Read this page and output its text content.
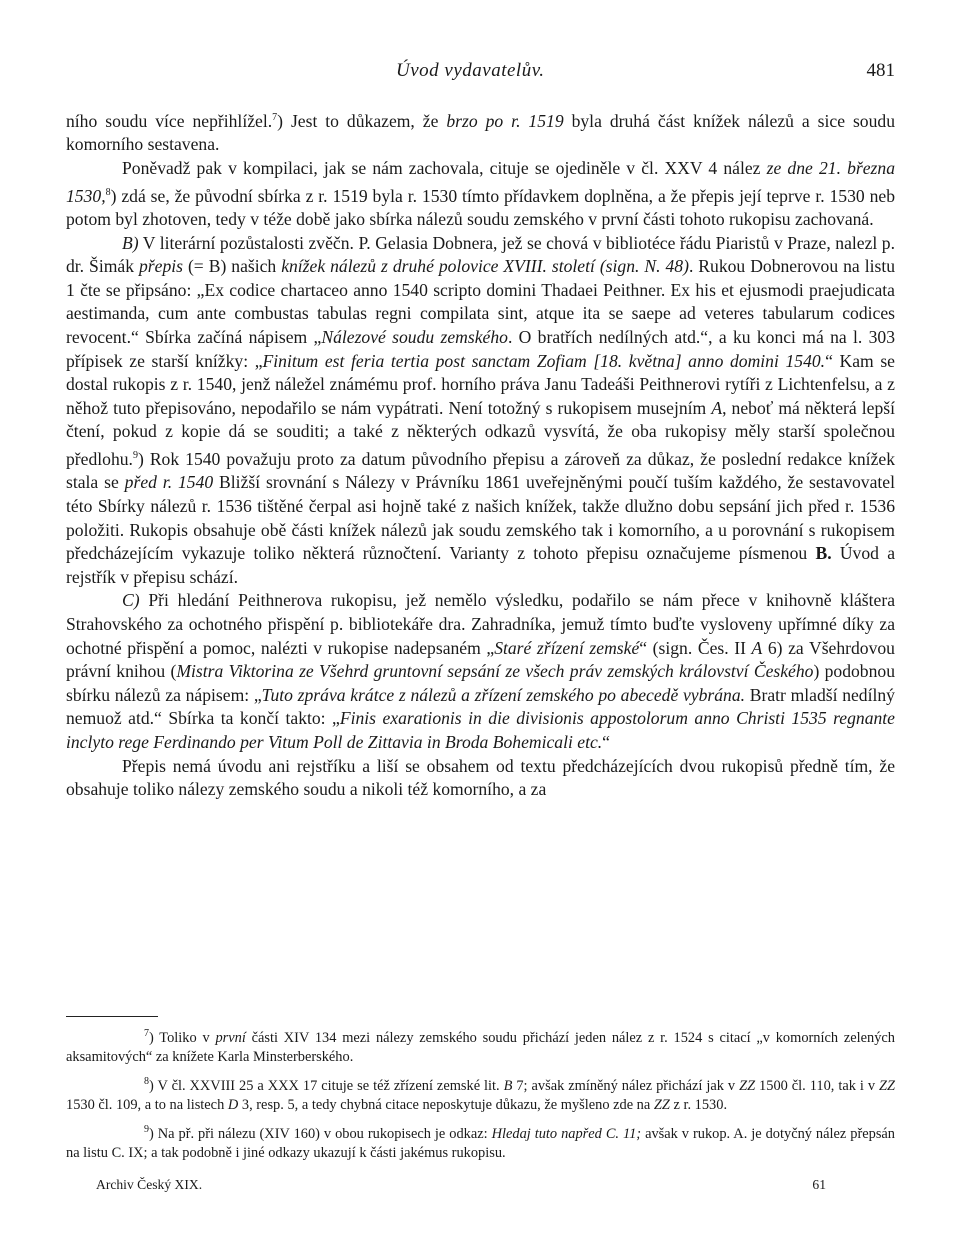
Úvod vydavatelův.	481

ního soudu více nepřihlížel.$^7$) Jest to důkazem, že brzo po r. 1519 byla druhá část knížek nálezů a sice soudu komorního sestavena.

Poněvadž pak v kompilaci, jak se nám zachovala, cituje se ojediněle v čl. XXV 4 nález ze dne 21. března 1530,$^8$) zdá se, že původní sbírka z r. 1519 byla r. 1530 tímto přídavkem doplněna, a že přepis její teprve r. 1530 neb potom byl zhotoven, tedy v téže době jako sbírka nálezů soudu zemského v první části tohoto rukopisu zachovaná.

B) V literární pozůstalosti zvěčn. P. Gelasia Dobnera, jež se chová v bibliotéce řádu Piaristů v Praze, nalezl p. dr. Šimák přepis (= B) našich knížek nálezů z druhé polovice XVIII. století (sign. N. 48). Rukou Dobnerovou na listu 1 čte se připsáno: „Ex codice chartaceo anno 1540 scripto domini Thadaei Peithner. Ex his et ejusmodi praejudicata aestimanda, cum ante combustas tabulas regni compilata sint, atque ita se saepe ad veteres tabularum codices revocent.“ Sbírka začíná nápisem „Nálezové soudu zemského. O bratřích nedílných atd.“, a ku konci má na l. 303 přípisek ze starší knížky: „Finitum est feria tertia post sanctam Zofiam [18. května] anno domini 1540.“ Kam se dostal rukopis z r. 1540, jenž náležel známému prof. horního práva Janu Tadeáši Peithnerovi rytíři z Lichtenfelsu, a z něhož tuto přepisováno, nepodařilo se nám vypátrati. Není totožný s rukopisem musejním A, neboť má některá lepší čtení, pokud z kopie dá se souditi; a také z některých odkazů vysvítá, že oba rukopisy měly starší společnou předlohu.$^9$) Rok 1540 považuju proto za datum původního přepisu a zároveň za důkaz, že poslední redakce knížek stala se před r. 1540 Bližší srovnání s Nálezy v Právníku 1861 uveřejněnými poučí tuším každého, že sestavovatel této Sbírky nálezů r. 1536 tištěné čerpal asi hojně také z našich knížek, takže dlužno dobu sepsání jich před r. 1536 položiti. Rukopis obsahuje obě části knížek nálezů jak soudu zemského tak i komorního, a u porovnání s rukopisem předcházejícím vykazuje toliko některá různočtení. Varianty z tohoto přepisu označujeme písmenou B. Úvod a rejstřík v přepisu schází.

C) Při hledání Peithnerova rukopisu, jež nemělo výsledku, podařilo se nám přece v knihovně kláštera Strahovského za ochotného přispění p. bibliotekáře dra. Zahradníka, jemuž tímto buďte vysloveny upřímné díky za ochotné přispění a pomoc, nalézti v rukopise nadepsaném „Staré zřízení zemské“ (sign. Čes. II A 6) za Všehrdovou právní knihou (Mistra Viktorina ze Všehrd gruntovní sepsání ze všech práv zemských království Českého) podobnou sbírku nálezů za nápisem: „Tuto zpráva krátce z nálezů a zřízení zemského po abecedě vybrána. Bratr mladší nedílný nemuož atd.“ Sbírka ta končí takto: „Finis exarationis in die divisionis appostolorum anno Christi 1535 regnante inclyto rege Ferdinando per Vitum Poll de Zittavia in Broda Bohemicali etc.“

Přepis nemá úvodu ani rejstříku a liší se obsahem od textu předcházejících dvou rukopisů předně tím, že obsahuje toliko nálezy zemského soudu a nikoli též komorního, a za

$^7$) Toliko v první části XIV 134 mezi nálezy zemského soudu přichází jeden nález z r. 1524 s citací „v komorních zelených aksamitových“ za knížete Karla Minsterberského.

$^8$) V čl. XXVIII 25 a XXX 17 cituje se též zřízení zemské lit. B 7; avšak zmíněný nález přichází jak v ZZ 1500 čl. 110, tak i v ZZ 1530 čl. 109, a to na listech D 3, resp. 5, a tedy chybná citace neposkytuje důkazu, že myšleno zde na ZZ z r. 1530.

$^9$) Na př. při nálezu (XIV 160) v obou rukopisech je odkaz: Hledaj tuto napřed C. 11; avšak v rukop. A. je dotyčný nález přepsán na listu C. IX; a tak podobně i jiné odkazy ukazují k části jakémus rukopisu.

Archiv Český XIX.	61
